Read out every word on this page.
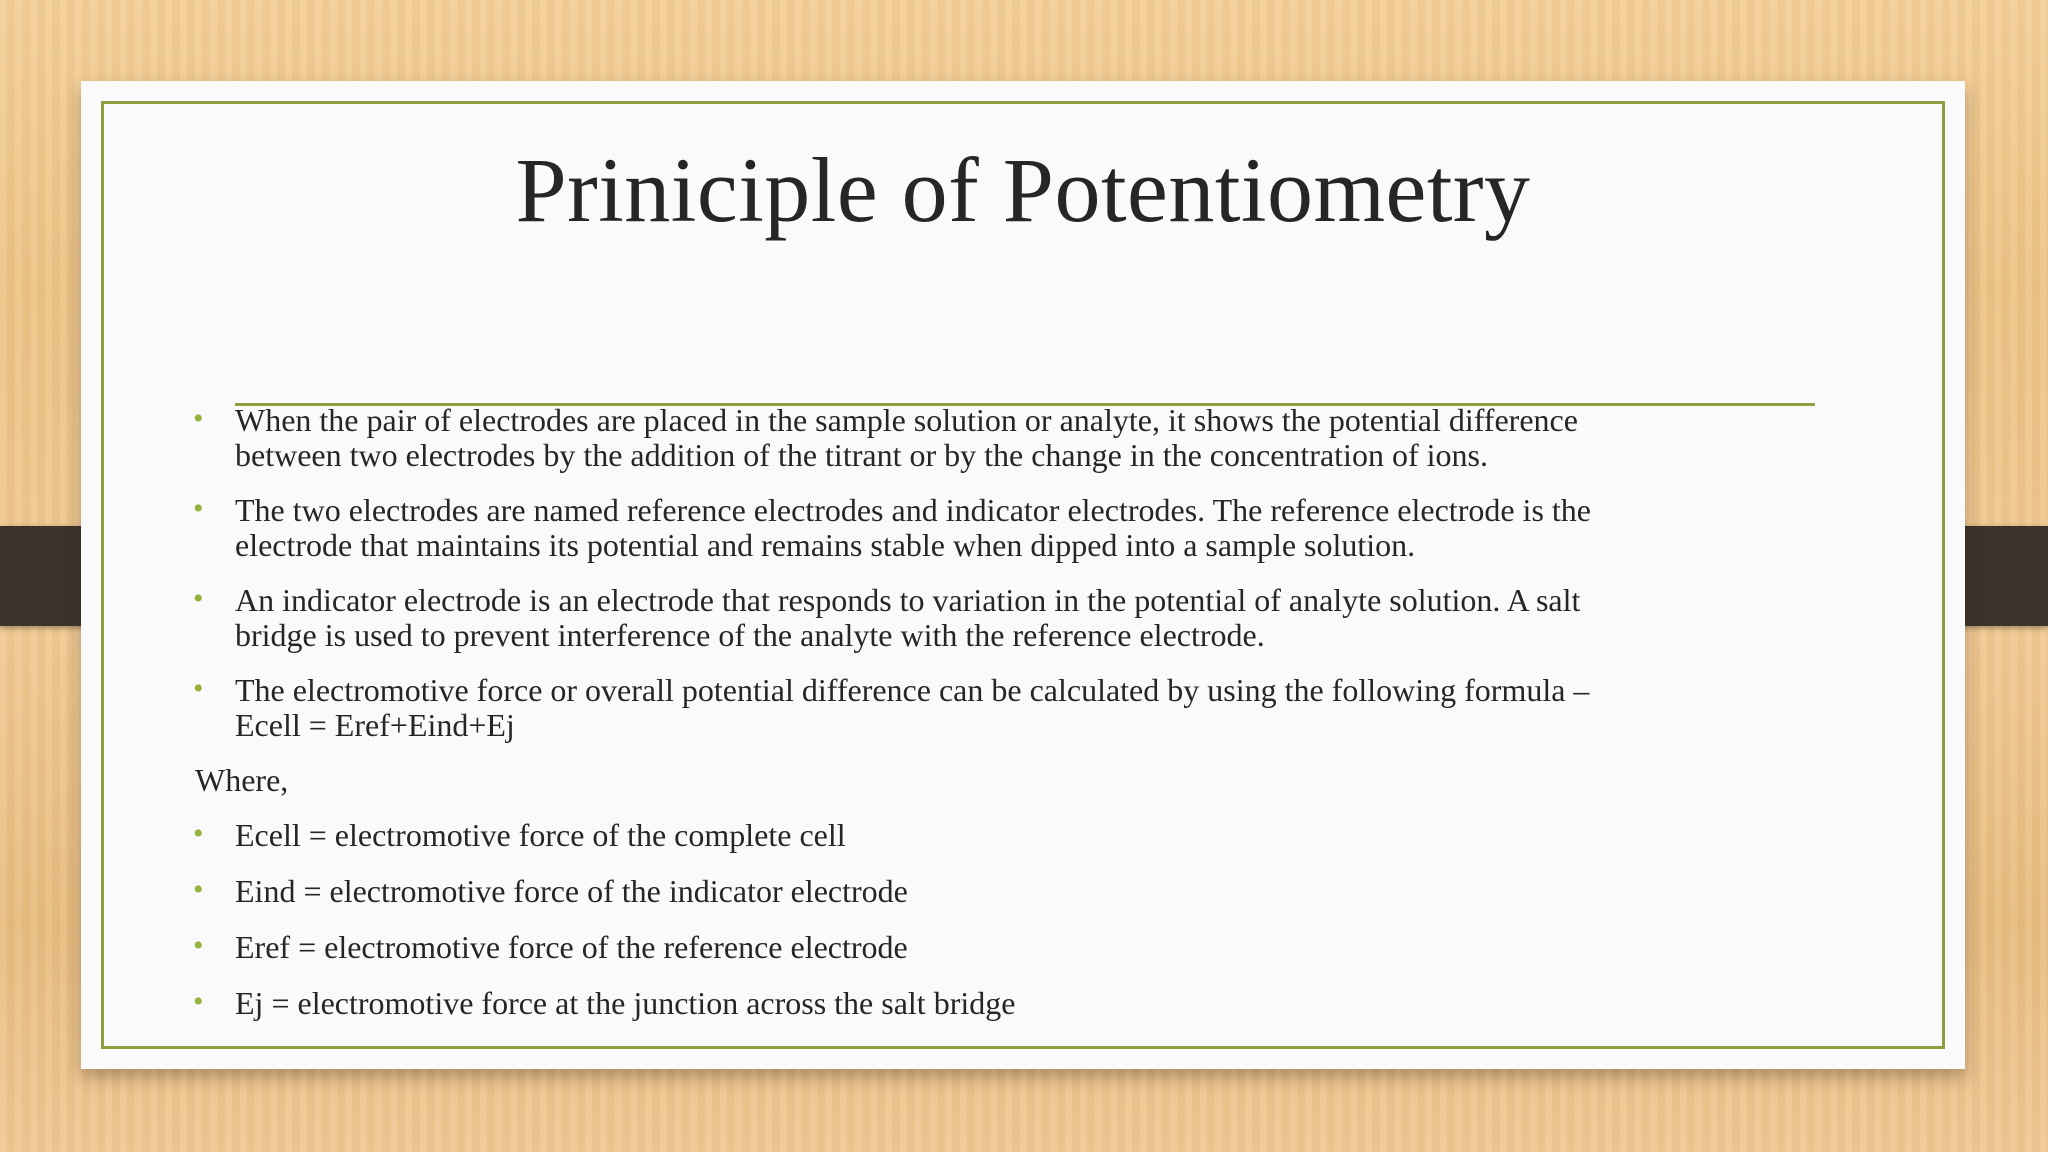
Priniciple of Potentiometry
• When the pair of electrodes are placed in the sample solution or analyte, it shows the potential difference
between two electrodes by the addition of the titrant or by the change in the concentration of ions.
• The two electrodes are named reference electrodes and indicator electrodes. The reference electrode is the
electrode that maintains its potential and remains stable when dipped into a sample solution.
• An indicator electrode is an electrode that responds to variation in the potential of analyte solution. A salt
bridge is used to prevent interference of the analyte with the reference electrode.
• The electromotive force or overall potential difference can be calculated by using the following formula –
Ecell = Eref+Eind+Ej
Where,
• Ecell = electromotive force of the complete cell
• Eind = electromotive force of the indicator electrode
• Eref = electromotive force of the reference electrode
• Ej = electromotive force at the junction across the salt bridge
